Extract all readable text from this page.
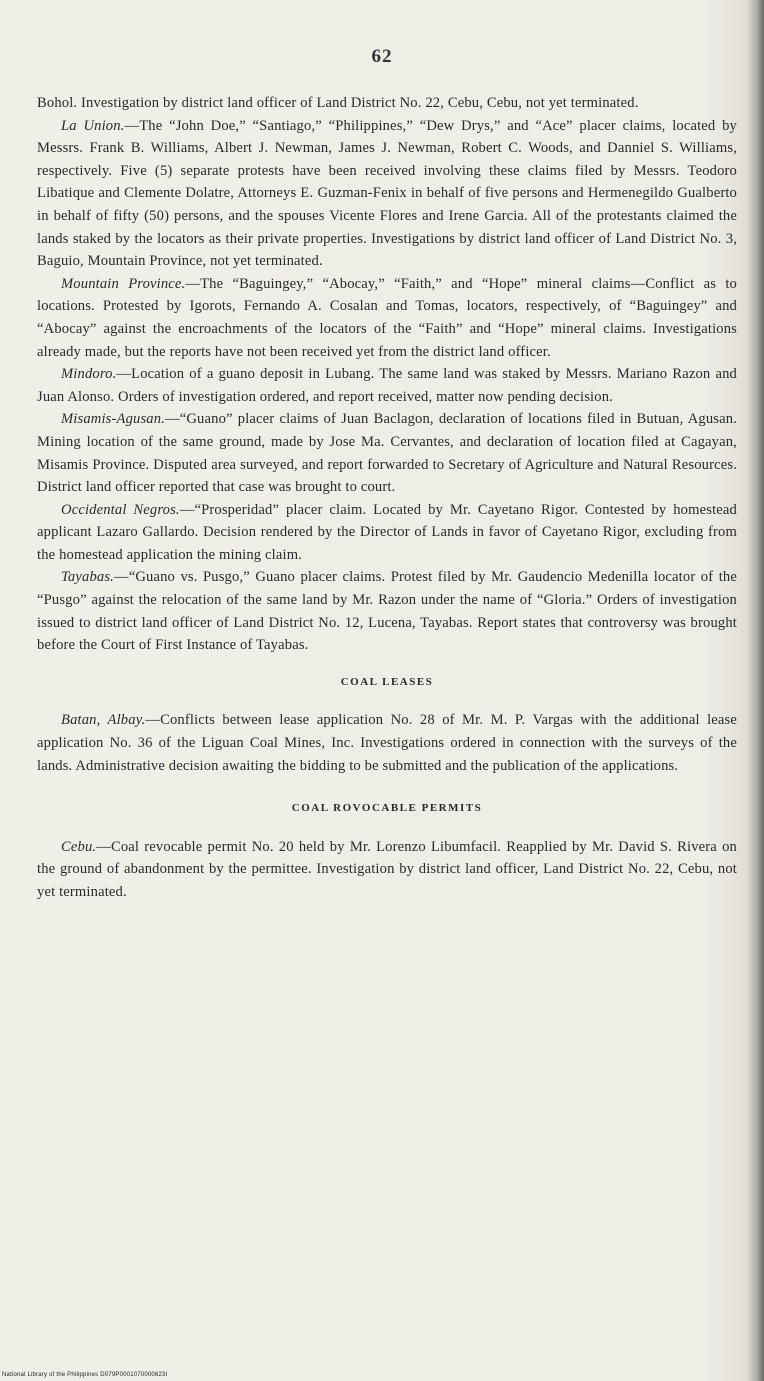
62

Bohol. Investigation by district land officer of Land District No. 22, Cebu, Cebu, not yet terminated.

La Union.—The “John Doe,” “Santiago,” “Philippines,” “Dew Drys,” and “Ace” placer claims, located by Messrs. Frank B. Williams, Albert J. Newman, James J. Newman, Robert C. Woods, and Danniel S. Williams, respectively. Five (5) separate protests have been received involving these claims filed by Messrs. Teodoro Libatique and Clemente Dolatre, Attorneys E. Guzman-Fenix in behalf of five persons and Hermenegildo Gualberto in behalf of fifty (50) persons, and the spouses Vicente Flores and Irene Garcia. All of the protestants claimed the lands staked by the locators as their private properties. Investigations by district land officer of Land District No. 3, Baguio, Mountain Province, not yet terminated.

Mountain Province.—The “Baguingey,” “Abocay,” “Faith,” and “Hope” mineral claims—Conflict as to locations. Protested by Igorots, Fernando A. Cosalan and Tomas, locators, respectively, of “Baguingey” and “Abocay” against the encroachments of the locators of the “Faith” and “Hope” mineral claims. Investigations already made, but the reports have not been received yet from the district land officer.

Mindoro.—Location of a guano deposit in Lubang. The same land was staked by Messrs. Mariano Razon and Juan Alonso. Orders of investigation ordered, and report received, matter now pending decision.

Misamis-Agusan.—“Guano” placer claims of Juan Baclagon, declaration of locations filed in Butuan, Agusan. Mining location of the same ground, made by Jose Ma. Cervantes, and declaration of location filed at Cagayan, Misamis Province. Disputed area surveyed, and report forwarded to Secretary of Agriculture and Natural Resources. District land officer reported that case was brought to court.

Occidental Negros.—“Prosperidad” placer claim. Located by Mr. Cayetano Rigor. Contested by homestead applicant Lazaro Gallardo. Decision rendered by the Director of Lands in favor of Cayetano Rigor, excluding from the homestead application the mining claim.

Tayabas.—“Guano vs. Pusgo,” Guano placer claims. Protest filed by Mr. Gaudencio Medenilla locator of the “Pusgo” against the relocation of the same land by Mr. Razon under the name of “Gloria.” Orders of investigation issued to district land officer of Land District No. 12, Lucena, Tayabas. Report states that controversy was brought before the Court of First Instance of Tayabas.

COAL LEASES

Batan, Albay.—Conflicts between lease application No. 28 of Mr. M. P. Vargas with the additional lease application No. 36 of the Liguan Coal Mines, Inc. Investigations ordered in connection with the surveys of the lands. Administrative decision awaiting the bidding to be submitted and the publication of the applications.

COAL ROVOCABLE PERMITS

Cebu.—Coal revocable permit No. 20 held by Mr. Lorenzo Libumfacil. Reapplied by Mr. David S. Rivera on the ground of abandonment by the permittee. Investigation by district land officer, Land District No. 22, Cebu, not yet terminated.

National Library of the Philippines D079P0001070000623I
